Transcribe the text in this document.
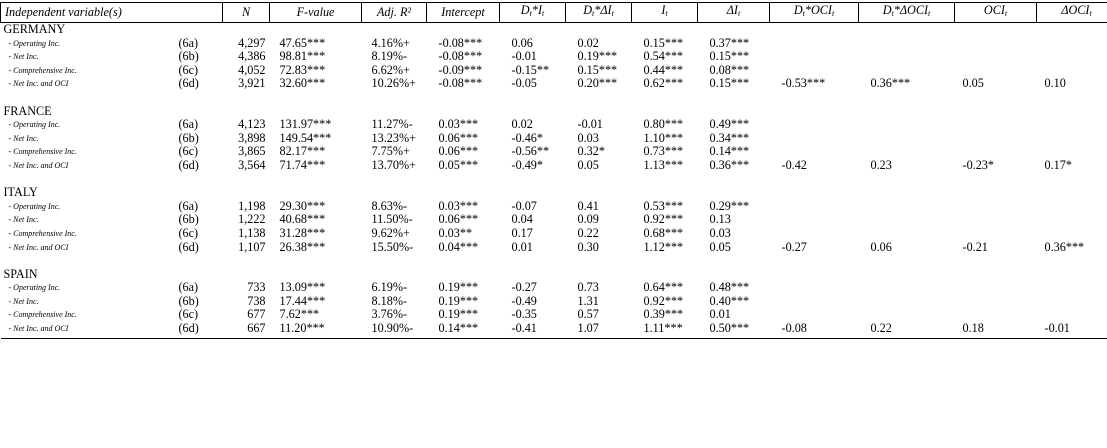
Independent variable(s)		N	F-value	Adj. R²	Intercept	$D_t*I_t$	$D_t*\Delta I_t$	$I_t$	$\Delta I_t$	$D_t*OCI_t$	$D_t*\Delta OCI_t$	$OCI_t$	$\Delta OCI_t$
GERMANY													
- Operating Inc.	(6a)	4,297	47.65***	4.16%+	-0.08***	0.06	0.02	0.15***	0.37***				
- Net Inc.	(6b)	4,386	98.81***	8.19%-	-0.08***	-0.01	0.19***	0.54***	0.15***				
- Comprehensive Inc.	(6c)	4,052	72.83***	6.62%+	-0.09***	-0.15**	0.15***	0.44***	0.08***				
- Net Inc. and OCI	(6d)	3,921	32.60***	10.26%+	-0.08***	-0.05	0.20***	0.62***	0.15***	-0.53***	0.36***	0.05	0.10

FRANCE													
- Operating Inc.	(6a)	4,123	131.97***	11.27%-	0.03***	0.02	-0.01	0.80***	0.49***				
- Net Inc.	(6b)	3,898	149.54***	13.23%+	0.06***	-0.46*	0.03	1.10***	0.34***				
- Comprehensive Inc.	(6c)	3,865	82.17***	7.75%+	0.06***	-0.56**	0.32*	0.73***	0.14***				
- Net Inc. and OCI	(6d)	3,564	71.74***	13.70%+	0.05***	-0.49*	0.05	1.13***	0.36***	-0.42	0.23	-0.23*	0.17*

ITALY													
- Operating Inc.	(6a)	1,198	29.30***	8.63%-	0.03***	-0.07	0.41	0.53***	0.29***				
- Net Inc.	(6b)	1,222	40.68***	11.50%-	0.06***	0.04	0.09	0.92***	0.13				
- Comprehensive Inc.	(6c)	1,138	31.28***	9.62%+	0.03**	0.17	0.22	0.68***	0.03				
- Net Inc. and OCI	(6d)	1,107	26.38***	15.50%-	0.04***	0.01	0.30	1.12***	0.05	-0.27	0.06	-0.21	0.36***

SPAIN													
- Operating Inc.	(6a)	733	13.09***	6.19%-	0.19***	-0.27	0.73	0.64***	0.48***				
- Net Inc.	(6b)	738	17.44***	8.18%-	0.19***	-0.49	1.31	0.92***	0.40***				
- Comprehensive Inc.	(6c)	677	7.62***	3.76%-	0.19***	-0.35	0.57	0.39***	0.01				
- Net Inc. and OCI	(6d)	667	11.20***	10.90%-	0.14***	-0.41	1.07	1.11***	0.50***	-0.08	0.22	0.18	-0.01
